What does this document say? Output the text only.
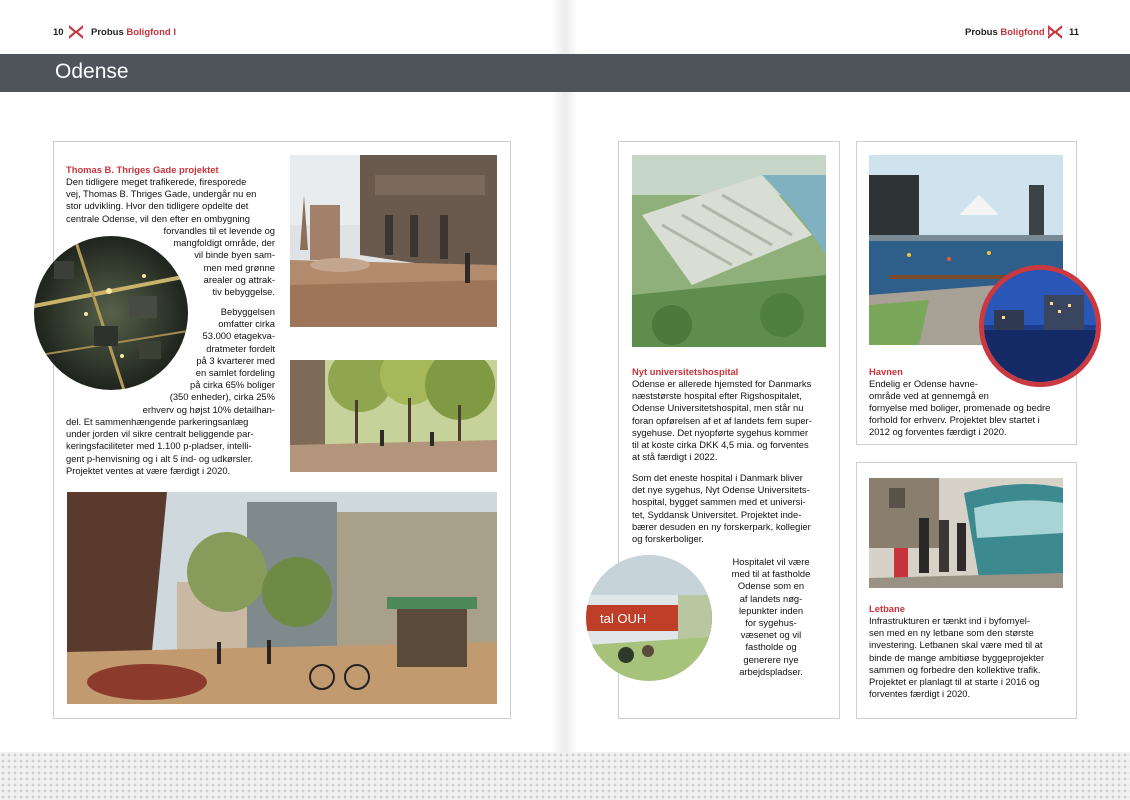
10	Probus Boligfond I	Probus Boligfond I 11
Odense
Thomas B. Thriges Gade projektet
Den tidligere meget trafikerede, firesporede
vej, Thomas B. Thriges Gade, undergår nu en
stor udvikling. Hvor den tidligere opdelte det
centrale Odense, vil den efter en ombygning
forvandles til et levende og
mangfoldigt område, der
vil binde byen sam-
men med grønne
arealer og attrak-
tiv bebyggelse.
Bebyggelsen
omfatter cirka
53.000 etagekva-
dratmeter fordelt
på 3 kvarterer med
en samlet fordeling
på cirka 65% boliger
(350 enheder), cirka 25%
erhverv og højst 10% detailhan-
del. Et sammenhængende parkeringsanlæg
under jorden vil sikre centralt beliggende par-
keringsfaciliteter med 1.100 p-pladser, intelli-
gent p-henvisning og i alt 5 ind- og udkørsler.
Projektet ventes at være færdigt i 2020.
Nyt universitetshospital
Odense er allerede hjemsted for Danmarks
næststørste hospital efter Rigshospitalet,
Odense Universitetshospital, men står nu
foran opførelsen af et af landets fem super-
sygehuse. Det nyopførte sygehus kommer
til at koste cirka DKK 4,5 mia. og forventes
at stå færdigt i 2022.
Som det eneste hospital i Danmark bliver
det nye sygehus, Nyt Odense Universitets-
hospital, bygget sammen med et universi-
tet, Syddansk Universitet. Projektet inde-
bærer desuden en ny forskerpark, kollegier
og forskerboliger.
Hospitalet vil være
med til at fastholde
Odense som en
af landets nøg-
lepunkter inden
for sygehus-
væsenet og vil
fastholde og
generere nye
arbejdspladser.
tal OUH
Havnen
Endelig er Odense havne-
område ved at gennemgå en
fornyelse med boliger, promenade og bedre
forhold for erhverv. Projektet blev startet i
2012 og forventes færdigt i 2020.
Letbane
Infrastrukturen er tænkt ind i byfornyel-
sen med en ny letbane som den største
investering. Letbanen skal være med til at
binde de mange ambitiøse byggeprojekter
sammen og forbedre den kollektive trafik.
Projektet er planlagt til at starte i 2016 og
forventes færdigt i 2020.
